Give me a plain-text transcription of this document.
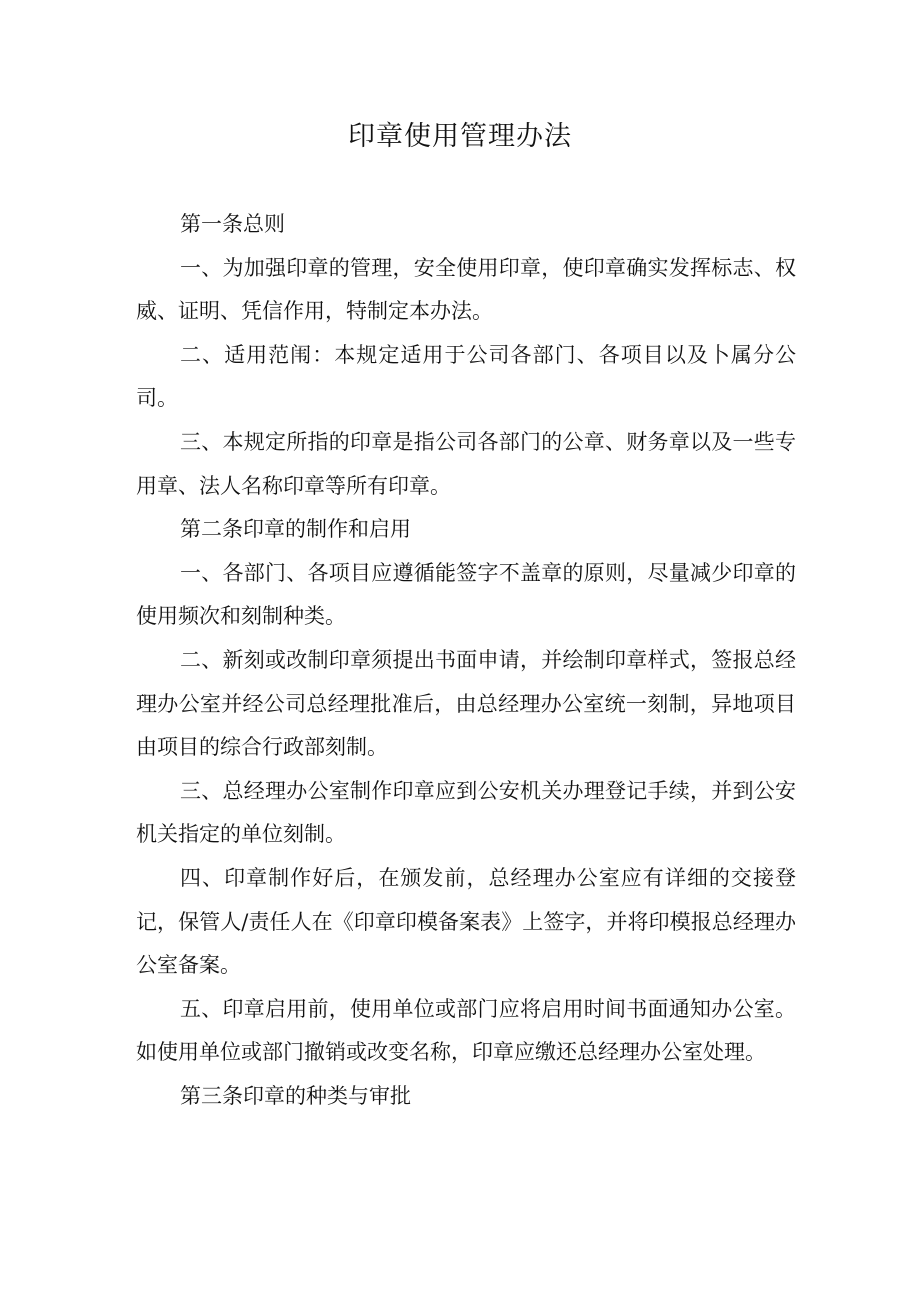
印章使用管理办法

第一条总则

一、为加强印章的管理，安全使用印章，使印章确实发挥标志、权威、证明、凭信作用，特制定本办法。

二、适用范闱：本规定适用于公司各部门、各项目以及卜属分公司。

三、本规定所指的印章是指公司各部门的公章、财务章以及一些专用章、法人名称印章等所有印章。

第二条印章的制作和启用

一、各部门、各项目应遵循能签字不盖章的原则，尽量减少印章的使用频次和刻制种类。

二、新刻或改制印章须提出书面申请，并绘制印章样式，签报总经理办公室并经公司总经理批准后，由总经理办公室统一刻制，异地项目由项目的综合行政部刻制。

三、总经理办公室制作印章应到公安机关办理登记手续，并到公安机关指定的单位刻制。

四、印章制作好后，在颁发前，总经理办公室应有详细的交接登记，保管人/责任人在《印章印模备案表》上签字，并将印模报总经理办公室备案。

五、印章启用前，使用单位或部门应将启用时间书面通知办公室。如使用单位或部门撤销或改变名称，印章应缴还总经理办公室处理。

第三条印章的种类与审批
